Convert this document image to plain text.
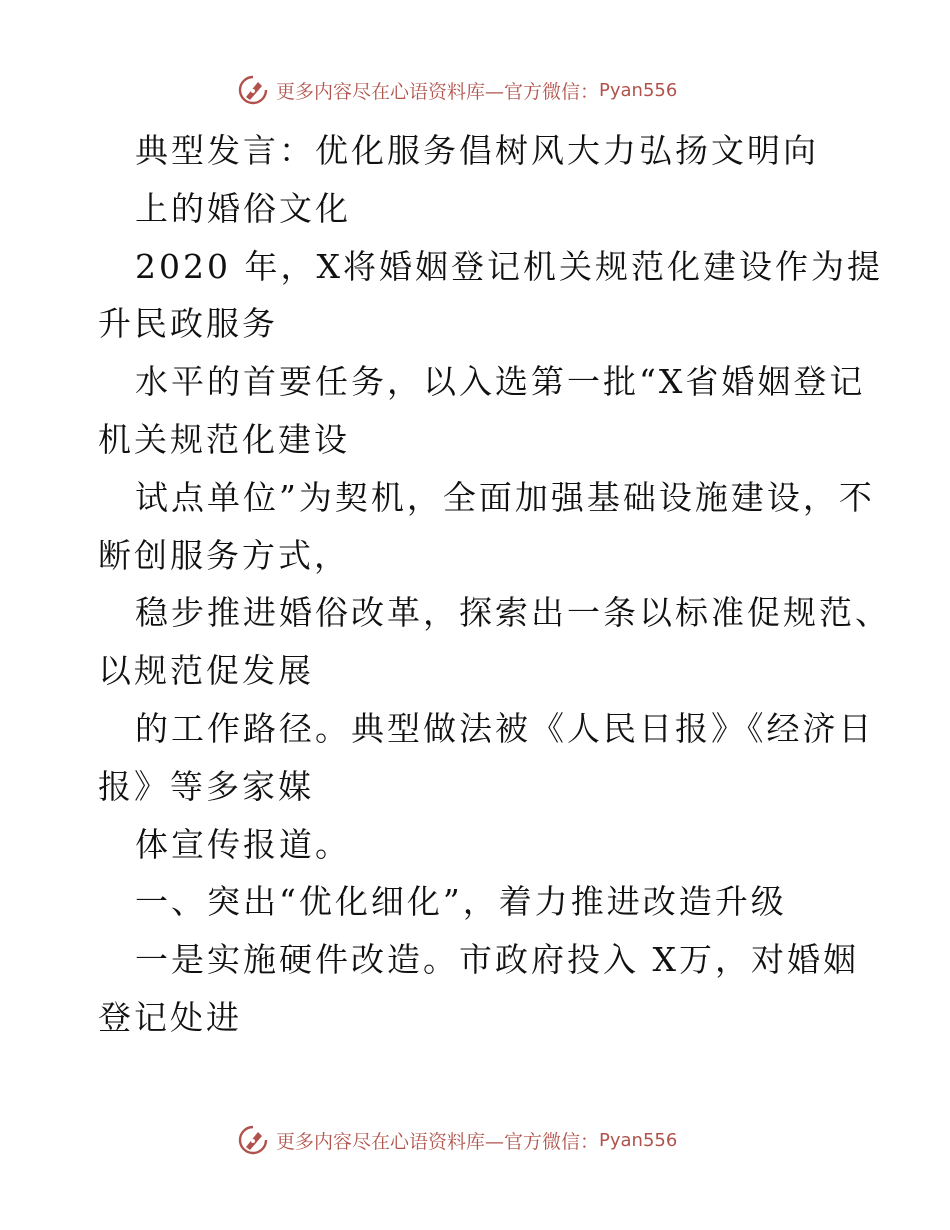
更多内容尽在心语资料库—官方微信： Pyan556
典型发言：优化服务倡树风大力弘扬文明向
上的婚俗文化
2020 年，X将婚姻登记机关规范化建设作为提
升民政服务
水平的首要任务，以入选第一批“X省婚姻登记
机关规范化建设
试点单位”为契机，全面加强基础设施建设，不
断创服务方式，
稳步推进婚俗改革，探索出一条以标准促规范、
以规范促发展
的工作路径。典型做法被《人民日报》《经济日
报》等多家媒
体宣传报道。
一、突出“优化细化”，着力推进改造升级
一是实施硬件改造。市政府投入 X万，对婚姻
登记处进
更多内容尽在心语资料库—官方微信： Pyan556
